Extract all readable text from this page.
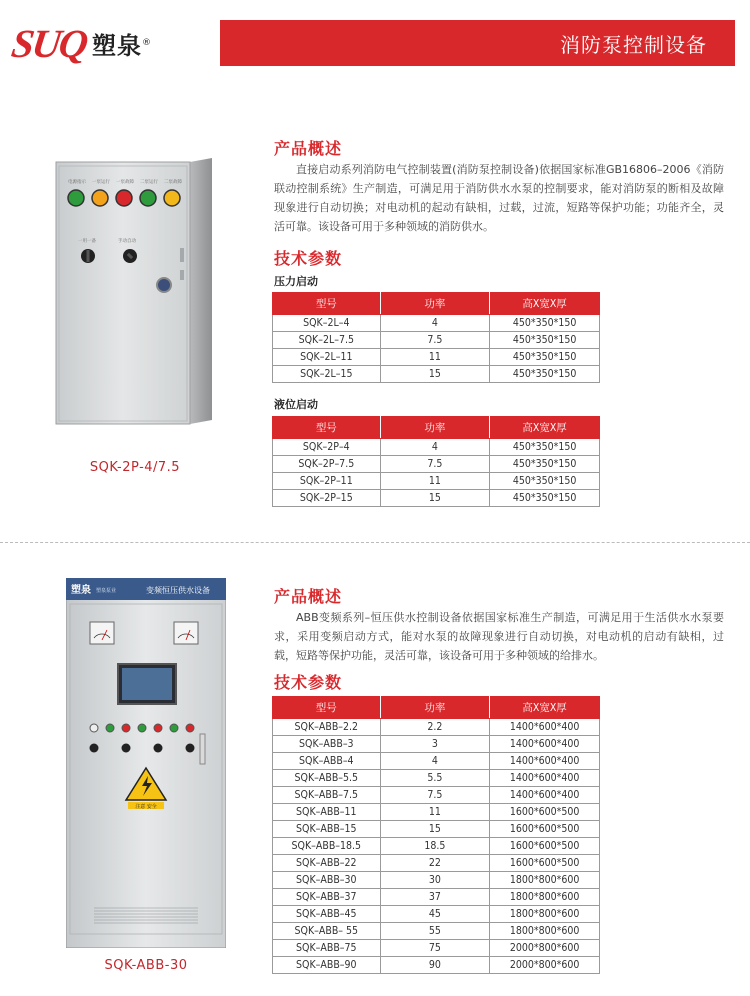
SUQ 塑泉 ®	消防泵控制设备
电源指示 一泵运行 一泵故障 二泵运行 二泵故障
一用一备	手动自动
SQK-2P-4/7.5
产品概述
直接启动系列消防电气控制装置(消防泵控制设备)依据国家标准GB16806–2006《消防联动控制系统》生产制造，可满足用于消防供水水泵的控制要求，能对消防泵的断相及故障现象进行自动切换；对电动机的起动有缺相，过载，过流，短路等保护功能；功能齐全，灵活可靠。该设备可用于多种领域的消防供水。
技术参数
压力启动
型号	功率	高X宽X厚
SQK–2L–4	4	450*350*150
SQK–2L–7.5	7.5	450*350*150
SQK–2L–11	11	450*350*150
SQK–2L–15	15	450*350*150
液位启动
型号	功率	高X宽X厚
SQK–2P–4	4	450*350*150
SQK–2P–7.5	7.5	450*350*150
SQK–2P–11	11	450*350*150
SQK–2P–15	15	450*350*150
塑泉 塑泉泵业	变频恒压供水设备
注意 安全
SQK-ABB-30
产品概述
ABB变频系列–恒压供水控制设备依据国家标准生产制造，可满足用于生活供水水泵要求，采用变频启动方式，能对水泵的故障现象进行自动切换，对电动机的启动有缺相，过载，短路等保护功能，灵活可靠，该设备可用于多种领域的给排水。
技术参数
型号	功率	高X宽X厚
SQK–ABB–2.2	2.2	1400*600*400
SQK–ABB–3	3	1400*600*400
SQK–ABB–4	4	1400*600*400
SQK–ABB–5.5	5.5	1400*600*400
SQK–ABB–7.5	7.5	1400*600*400
SQK–ABB–11	11	1600*600*500
SQK–ABB–15	15	1600*600*500
SQK–ABB–18.5	18.5	1600*600*500
SQK–ABB–22	22	1600*600*500
SQK–ABB–30	30	1800*800*600
SQK–ABB–37	37	1800*800*600
SQK–ABB–45	45	1800*800*600
SQK–ABB– 55	55	1800*800*600
SQK–ABB–75	75	2000*800*600
SQK–ABB–90	90	2000*800*600
